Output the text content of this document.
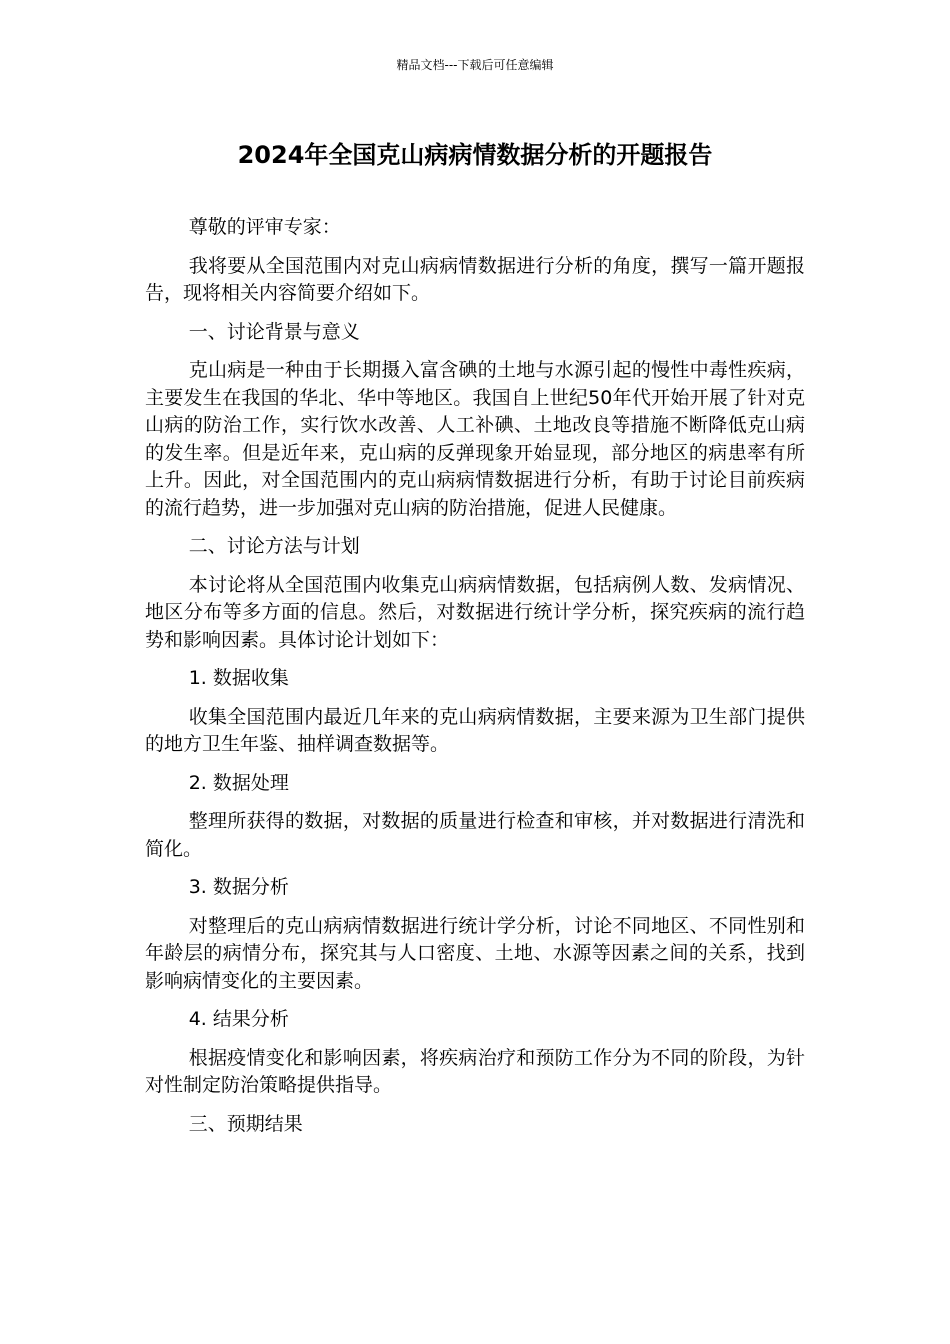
精品文档---下载后可任意编辑
2024年全国克山病病情数据分析的开题报告

尊敬的评审专家：

我将要从全国范围内对克山病病情数据进行分析的角度，撰写一篇开题报告，现将相关内容简要介绍如下。

一、讨论背景与意义

克山病是一种由于长期摄入富含碘的土地与水源引起的慢性中毒性疾病，主要发生在我国的华北、华中等地区。我国自上世纪50年代开始开展了针对克山病的防治工作，实行饮水改善、人工补碘、土地改良等措施不断降低克山病的发生率。但是近年来，克山病的反弹现象开始显现，部分地区的病患率有所上升。因此，对全国范围内的克山病病情数据进行分析，有助于讨论目前疾病的流行趋势，进一步加强对克山病的防治措施，促进人民健康。

二、讨论方法与计划

本讨论将从全国范围内收集克山病病情数据，包括病例人数、发病情况、地区分布等多方面的信息。然后，对数据进行统计学分析，探究疾病的流行趋势和影响因素。具体讨论计划如下：

1. 数据收集

收集全国范围内最近几年来的克山病病情数据，主要来源为卫生部门提供的地方卫生年鉴、抽样调查数据等。

2. 数据处理

整理所获得的数据，对数据的质量进行检查和审核，并对数据进行清洗和简化。

3. 数据分析

对整理后的克山病病情数据进行统计学分析，讨论不同地区、不同性别和年龄层的病情分布，探究其与人口密度、土地、水源等因素之间的关系，找到影响病情变化的主要因素。

4. 结果分析

根据疫情变化和影响因素，将疾病治疗和预防工作分为不同的阶段，为针对性制定防治策略提供指导。

三、预期结果
